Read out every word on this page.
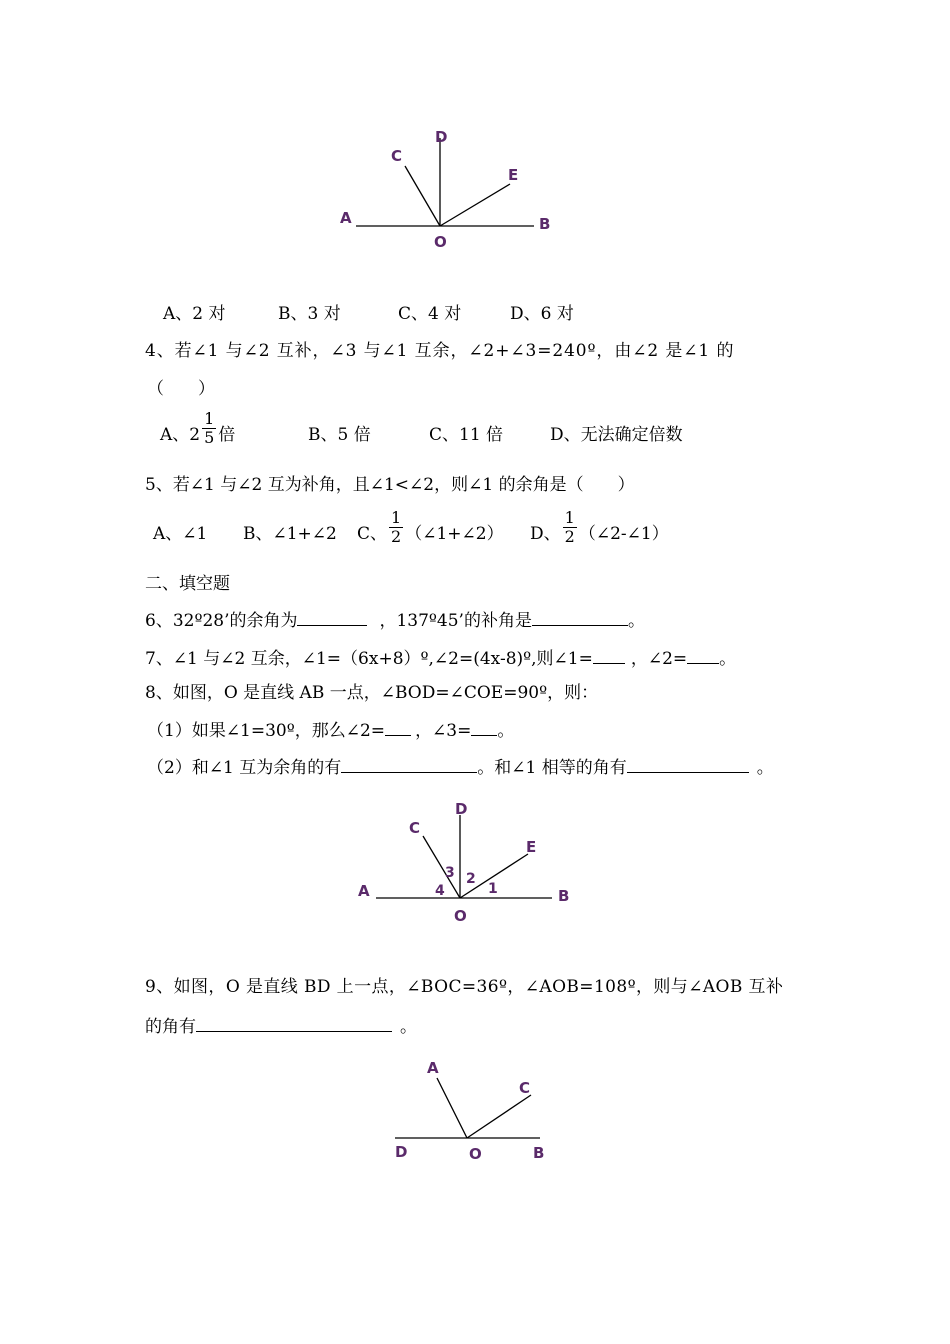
A	B
C
D
E
O
A、2 对	B、3 对	C、4 对	D、6 对
4、若∠1 与∠2 互补，∠3 与∠1 互余，∠2+∠3=240º，由∠2 是∠1 的
（　　）
A、$2 \frac{1}{5}$ 倍	B、5 倍	C、11 倍	D、无法确定倍数
5、若∠1 与∠2 互为补角，且∠1<∠2，则∠1 的余角是（　　）
A、∠1 B、∠1+∠2 C、 $\frac{1}{2}$ （∠1+∠2） D、 $\frac{1}{2}$ （∠2-∠1）
二、填空题
6、32º28’的余角为	，137º45’的补角是	。
7、∠1 与∠2 互余，∠1=（6x+8）º,∠2=(4x-8)º,则∠1= ，∠2= 。
8、如图，O 是直线 AB 一点，∠BOD=∠COE=90º，则：
（1）如果∠1=30º，那么∠2= ，∠3= 。
（2）和∠1 互为余角的有	。和∠1 相等的角有	。
A	B
C
D
E
O
1
2
3
4
9、如图，O 是直线 BD 上一点，∠BOC=36º，∠AOB=108º，则与∠AOB 互补
的角有	。
A
C
D	O	B
